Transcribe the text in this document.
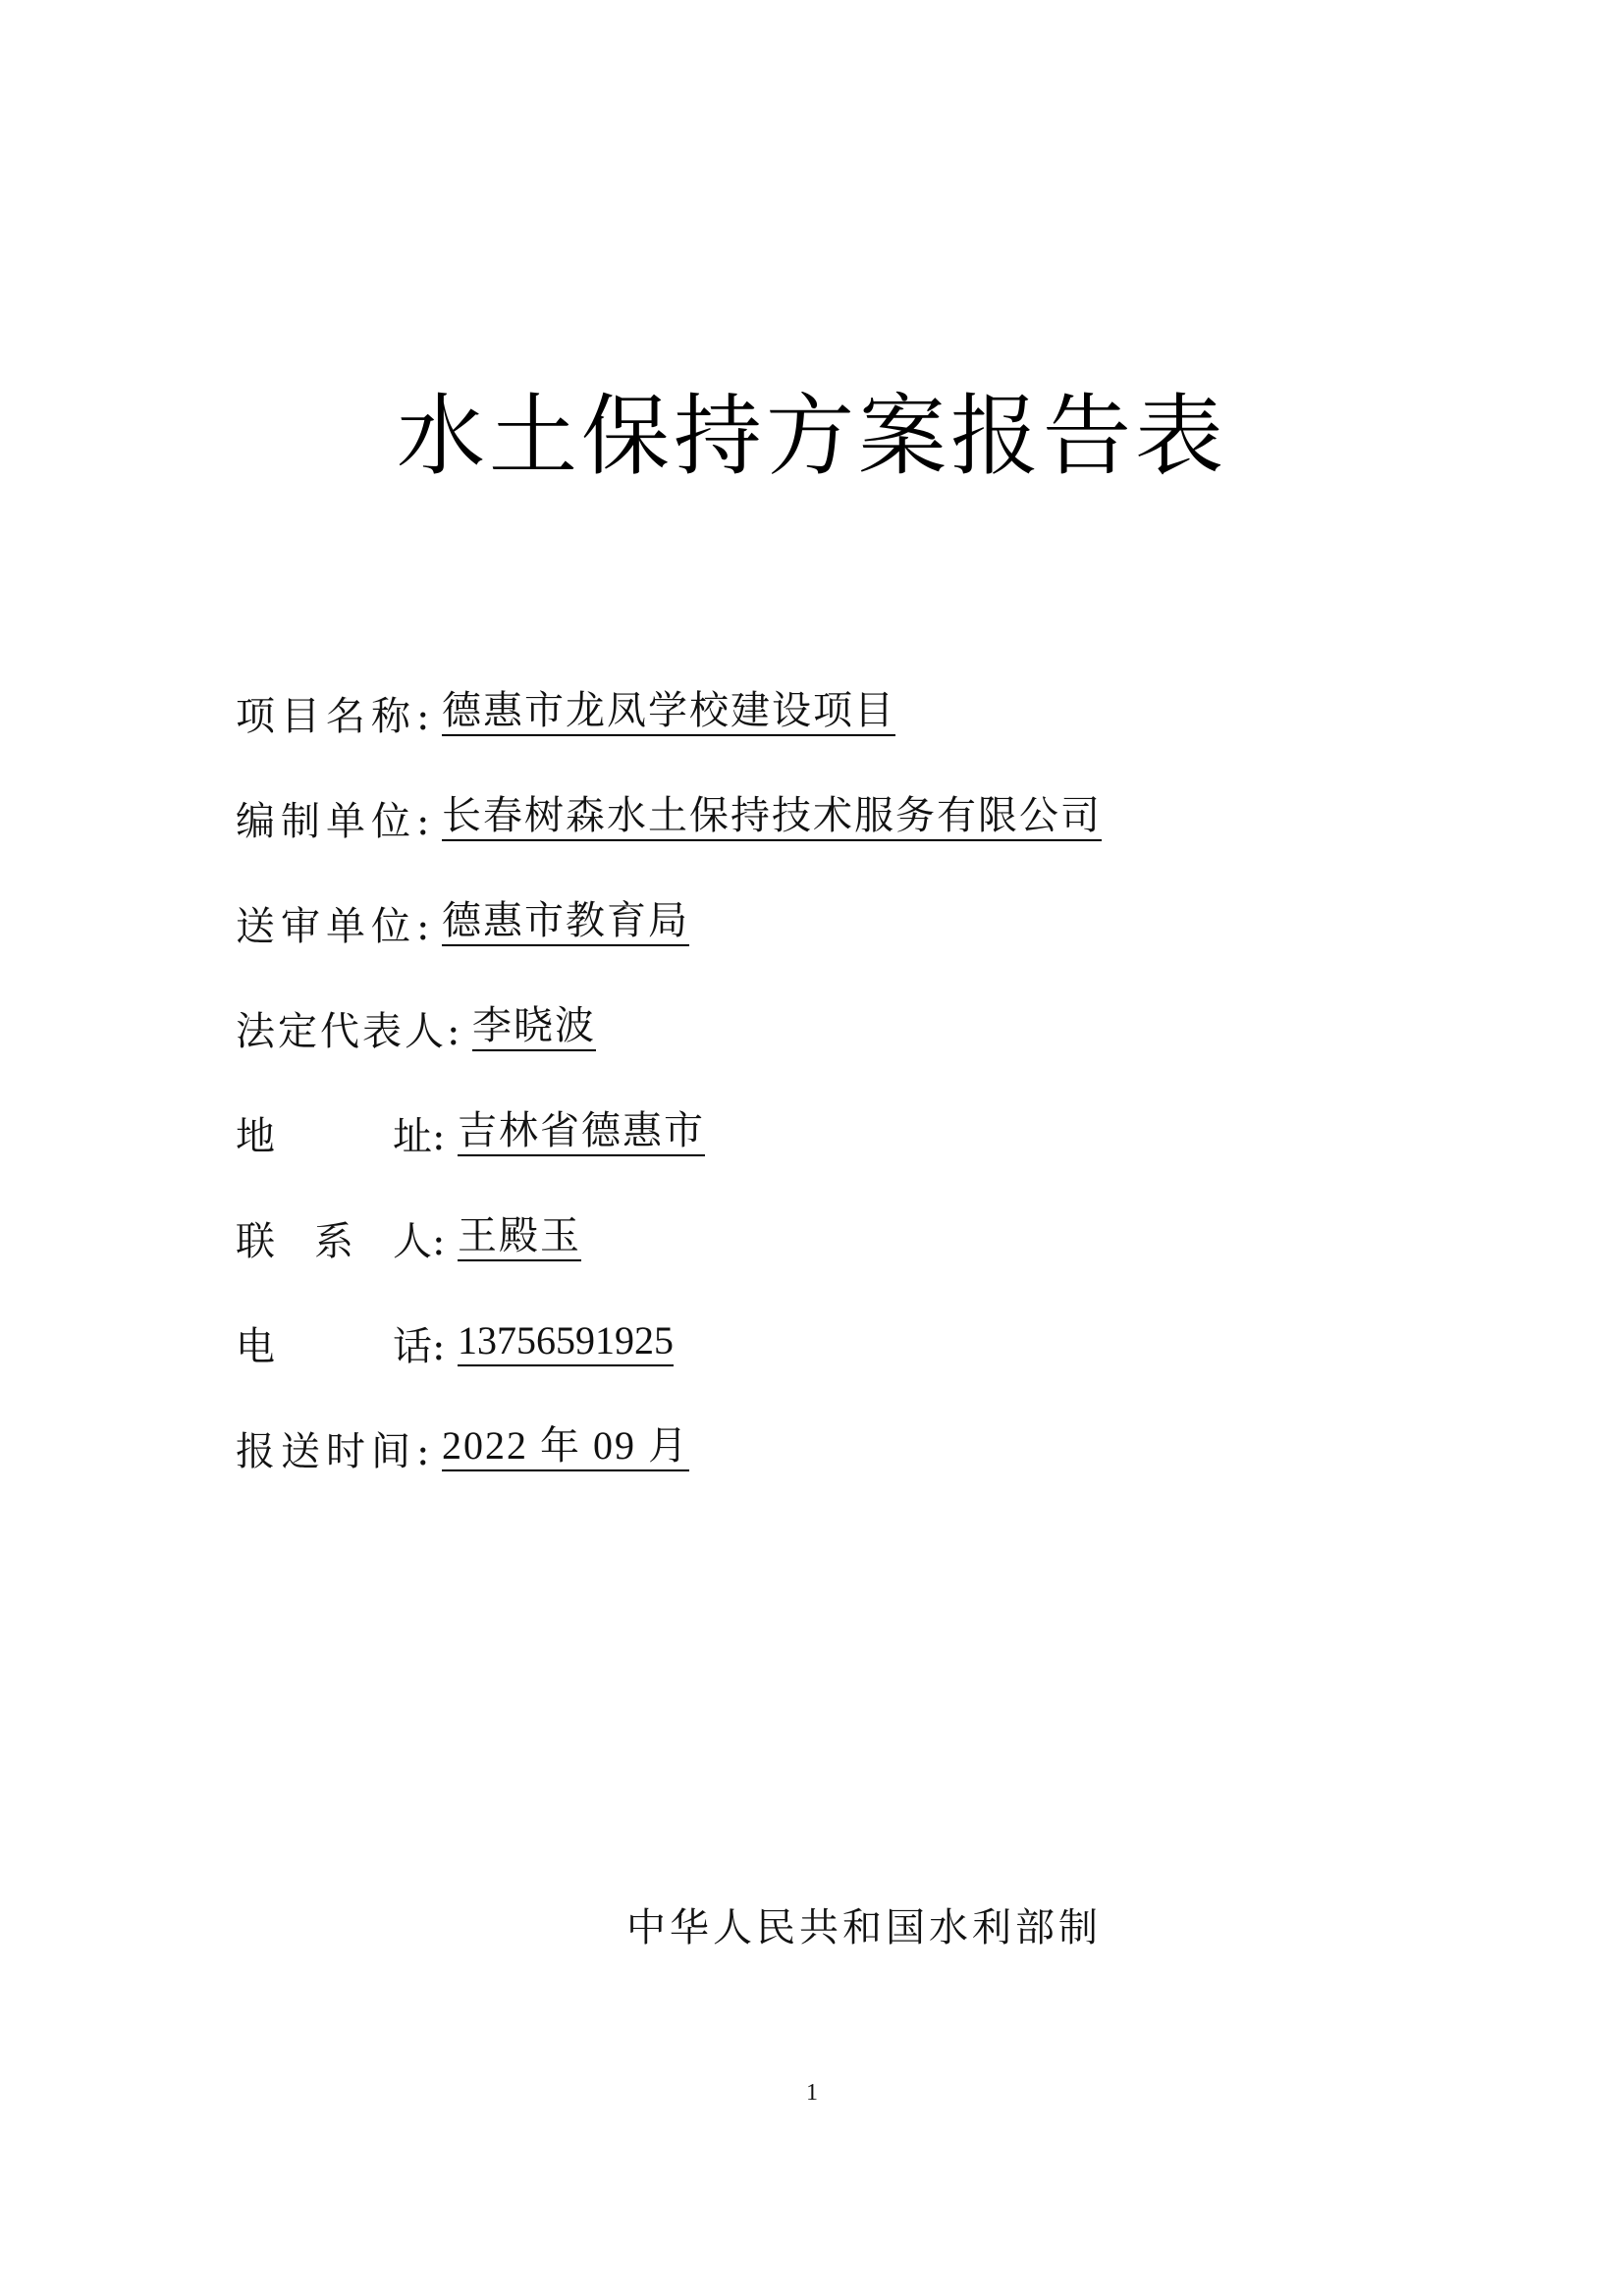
水土保持方案报告表
项目名称 : 德惠市龙凤学校建设项目
编制单位 : 长春树森水土保持技术服务有限公司
送审单位 : 德惠市教育局
法定代表人 : 李晓波
地	址 : 吉林省德惠市
联 系 人 : 王殿玉
电	话 : 13756591925
报送时间 : 2022 年 09 月
中华人民共和国水利部制
1
